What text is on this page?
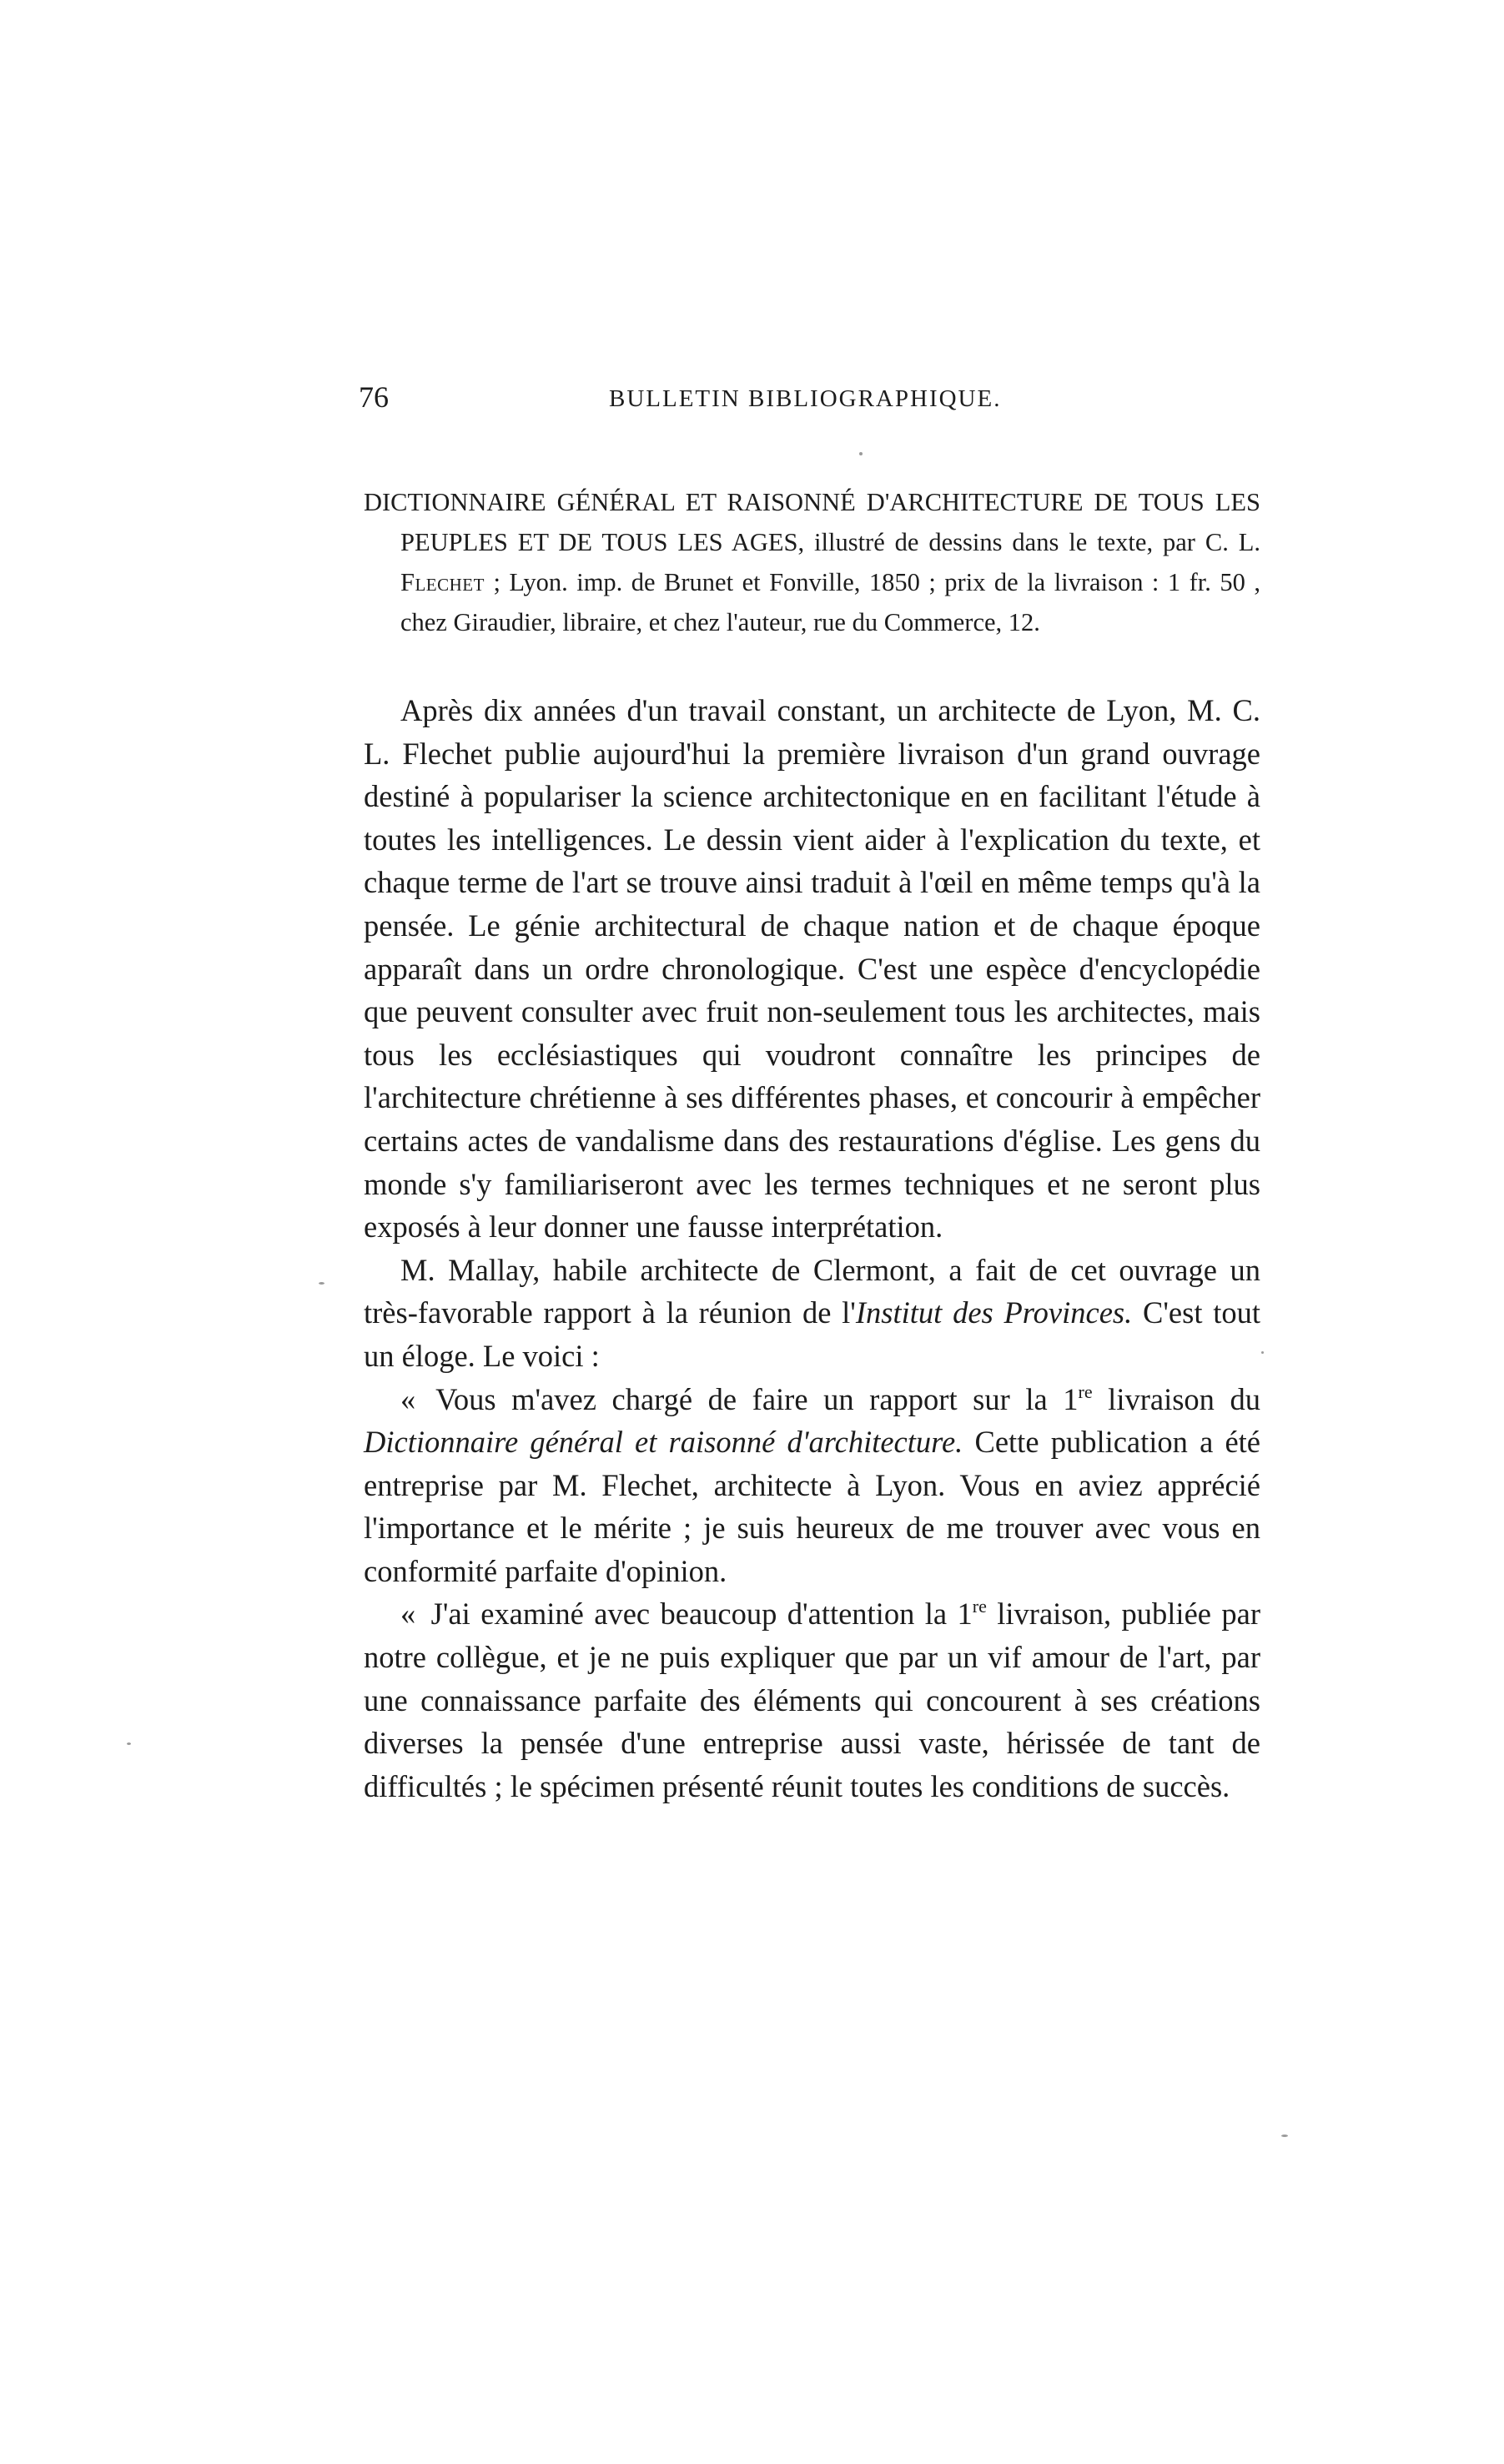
76	BULLETIN BIBLIOGRAPHIQUE.

DICTIONNAIRE GÉNÉRAL ET RAISONNÉ D'ARCHITECTURE DE TOUS LES PEUPLES ET DE TOUS LES AGES, illustré de dessins dans le texte, par C. L. Flechet ; Lyon. imp. de Brunet et Fonville, 1850 ; prix de la livraison : 1 fr. 50 , chez Giraudier, libraire, et chez l'auteur, rue du Commerce, 12.

Après dix années d'un travail constant, un architecte de Lyon, M. C. L. Flechet publie aujourd'hui la première livraison d'un grand ouvrage destiné à populariser la science architectonique en en facilitant l'étude à toutes les intelligences. Le dessin vient aider à l'explication du texte, et chaque terme de l'art se trouve ainsi traduit à l'œil en même temps qu'à la pensée. Le génie architectural de chaque nation et de chaque époque apparaît dans un ordre chronologique. C'est une espèce d'encyclopédie que peuvent consulter avec fruit non-seulement tous les architectes, mais tous les ecclésiastiques qui voudront connaître les principes de l'architecture chrétienne à ses différentes phases, et concourir à empêcher certains actes de vandalisme dans des restaurations d'église. Les gens du monde s'y familiariseront avec les termes techniques et ne seront plus exposés à leur donner une fausse interprétation.

M. Mallay, habile architecte de Clermont, a fait de cet ouvrage un très-favorable rapport à la réunion de l'Institut des Provinces. C'est tout un éloge. Le voici :

« Vous m'avez chargé de faire un rapport sur la 1re livraison du Dictionnaire général et raisonné d'architecture. Cette publication a été entreprise par M. Flechet, architecte à Lyon. Vous en aviez apprécié l'importance et le mérite ; je suis heureux de me trouver avec vous en conformité parfaite d'opinion.

« J'ai examiné avec beaucoup d'attention la 1re livraison, publiée par notre collègue, et je ne puis expliquer que par un vif amour de l'art, par une connaissance parfaite des éléments qui concourent à ses créations diverses la pensée d'une entreprise aussi vaste, hérissée de tant de difficultés ; le spécimen présenté réunit toutes les conditions de succès.
